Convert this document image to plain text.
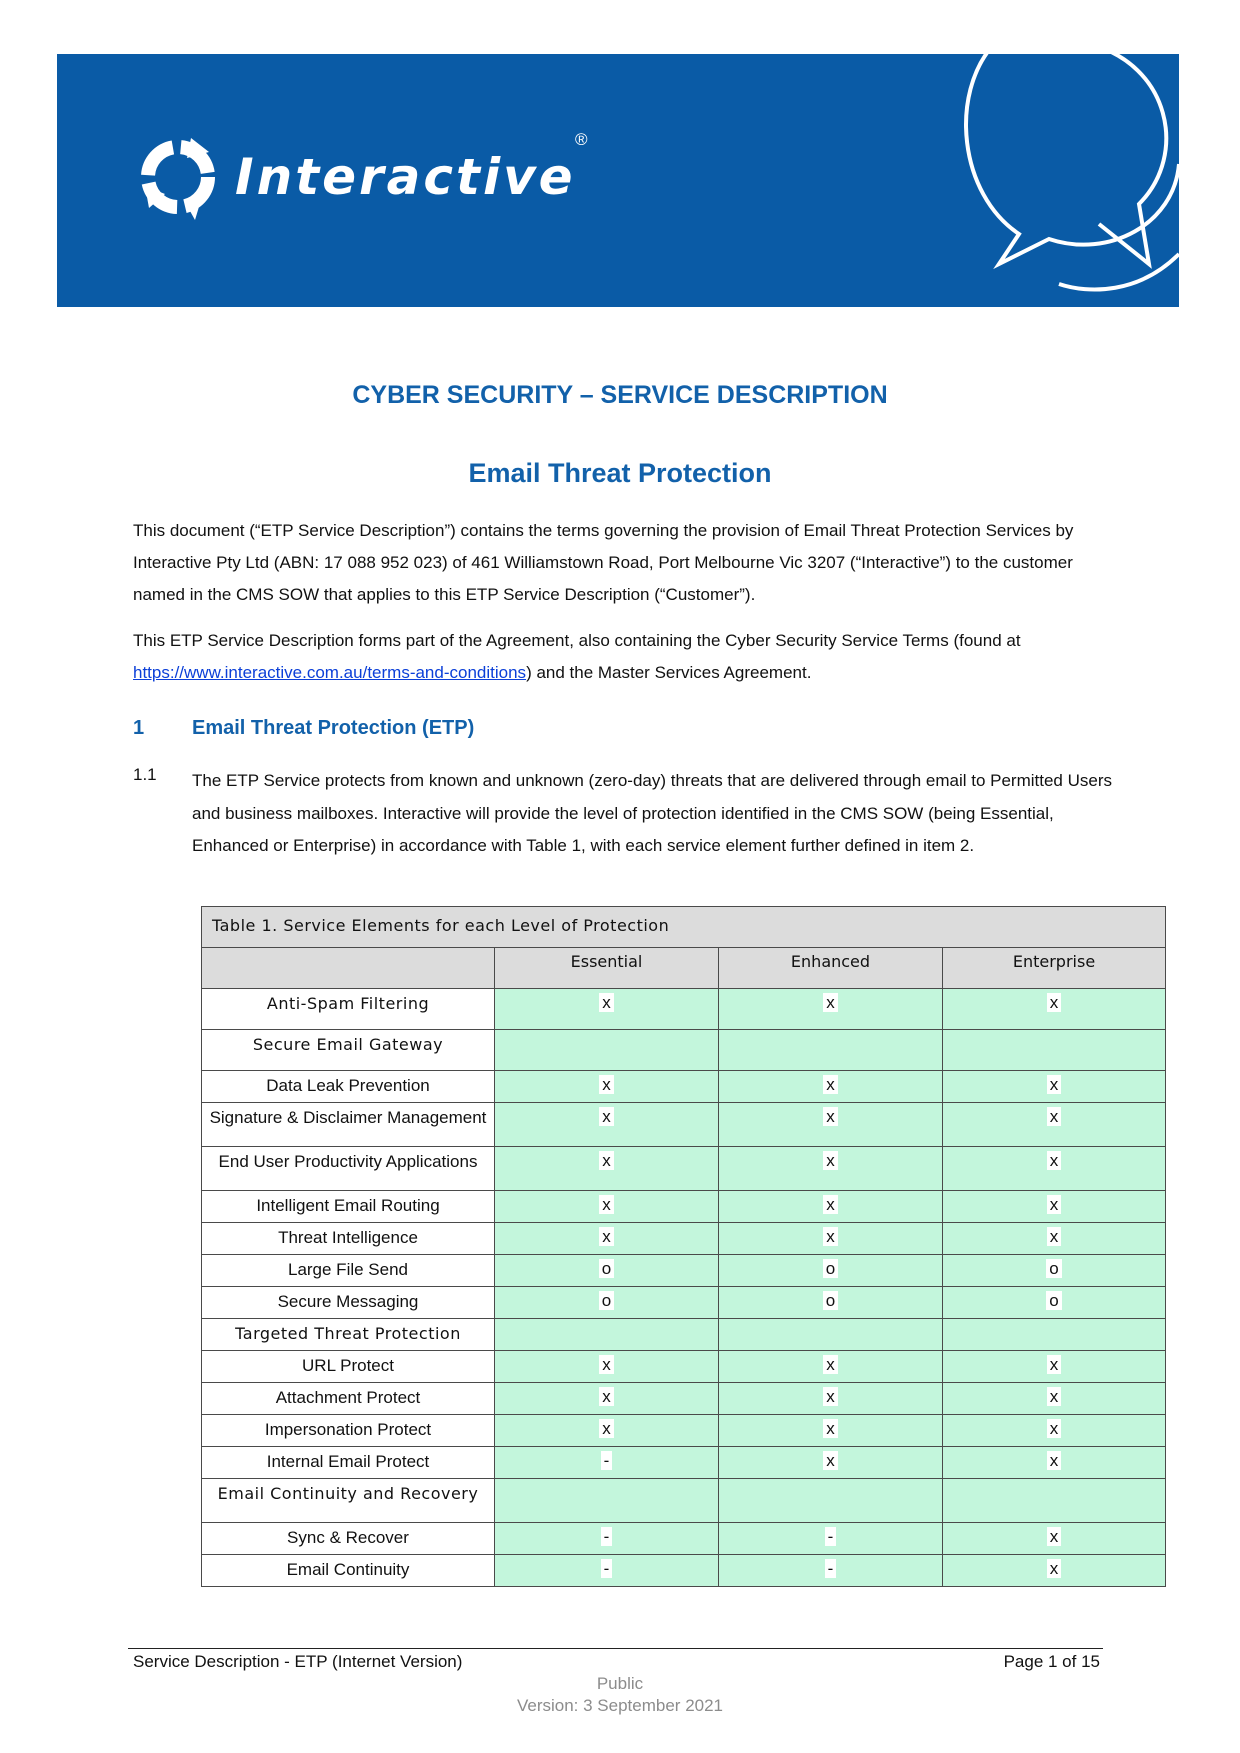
Interactive
®
CYBER SECURITY – SERVICE DESCRIPTION
Email Threat Protection

This document (“ETP Service Description”) contains the terms governing the provision of Email Threat Protection Services by Interactive Pty Ltd (ABN: 17 088 952 023) of 461 Williamstown Road, Port Melbourne Vic 3207 (“Interactive”) to the customer named in the CMS SOW that applies to this ETP Service Description (“Customer”).

This ETP Service Description forms part of the Agreement, also containing the Cyber Security Service Terms (found at https://www.interactive.com.au/terms-and-conditions) and the Master Services Agreement.

1 Email Threat Protection (ETP)
1.1 The ETP Service protects from known and unknown (zero-day) threats that are delivered through email to Permitted Users and business mailboxes. Interactive will provide the level of protection identified in the CMS SOW (being Essential, Enhanced or Enterprise) in accordance with Table 1, with each service element further defined in item 2.

Table 1. Service Elements for each Level of Protection			
	Essential	Enhanced	Enterprise
Anti-Spam Filtering	x	x	x
Secure Email Gateway			
Data Leak Prevention	x	x	x
Signature & Disclaimer Management	x	x	x
End User Productivity Applications	x	x	x
Intelligent Email Routing	x	x	x
Threat Intelligence	x	x	x
Large File Send	o	o	o
Secure Messaging	o	o	o
Targeted Threat Protection			
URL Protect	x	x	x
Attachment Protect	x	x	x
Impersonation Protect	x	x	x
Internal Email Protect	-	x	x
Email Continuity and Recovery			
Sync & Recover	-	-	x
Email Continuity	-	-	x
Service Description - ETP (Internet Version)	Page 1 of 15
Public
Version: 3 September 2021
